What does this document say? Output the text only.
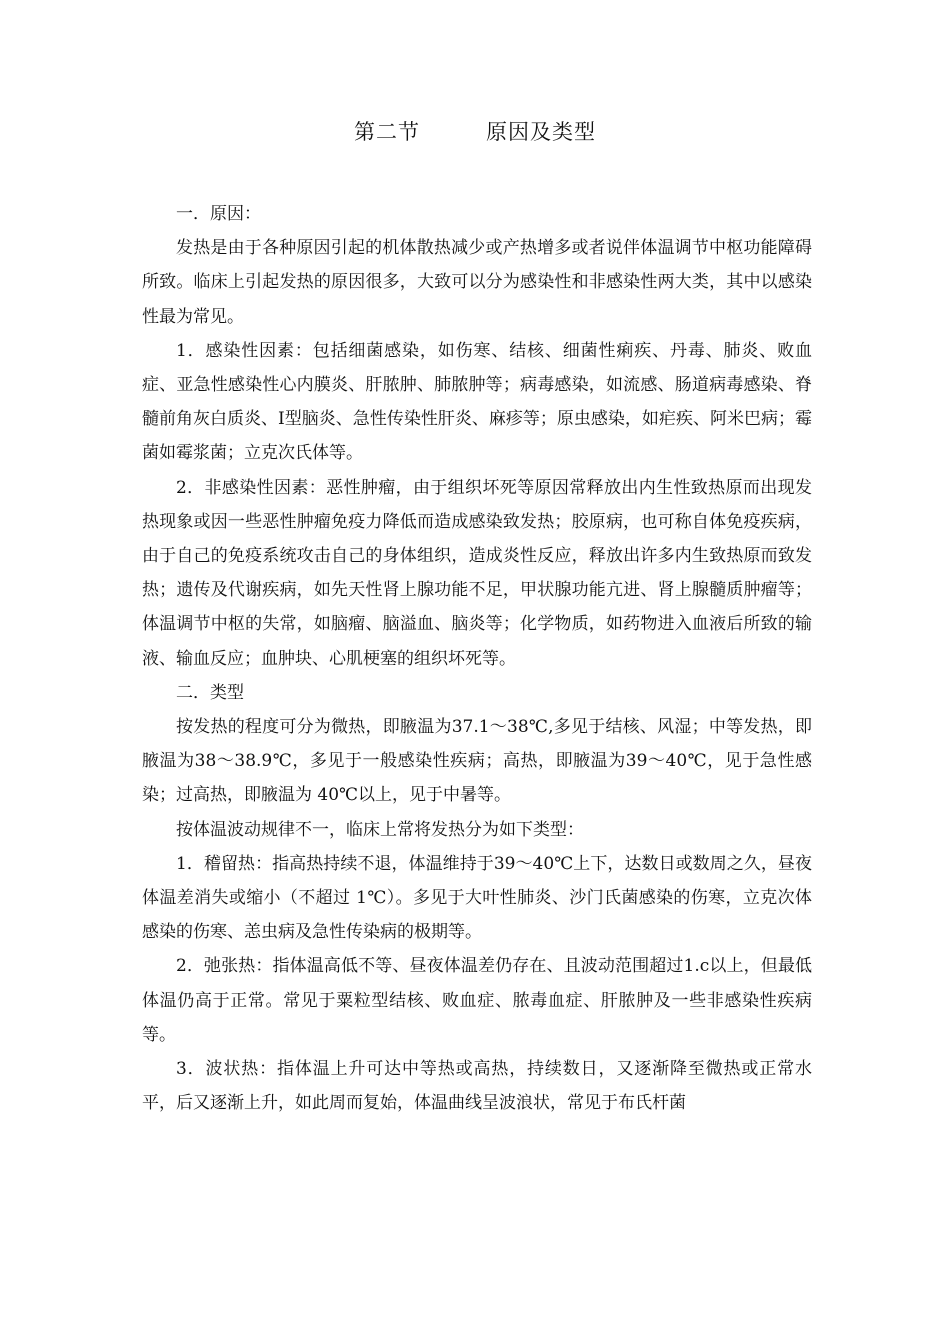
第二节	原因及类型

一．原因：

发热是由于各种原因引起的机体散热减少或产热增多或者说伴体温调节中枢功能障碍所致。临床上引起发热的原因很多，大致可以分为感染性和非感染性两大类，其中以感染性最为常见。

1．感染性因素：包括细菌感染，如伤寒、结核、细菌性痢疾、丹毒、肺炎、败血症、亚急性感染性心内膜炎、肝脓肿、肺脓肿等；病毒感染，如流感、肠道病毒感染、脊髓前角灰白质炎、Ⅰ型脑炎、急性传染性肝炎、麻疹等；原虫感染，如疟疾、阿米巴病；霉菌如霉浆菌；立克次氏体等。

2．非感染性因素：恶性肿瘤，由于组织坏死等原因常释放出内生性致热原而出现发热现象或因一些恶性肿瘤免疫力降低而造成感染致发热；胶原病，也可称自体免疫疾病，由于自己的免疫系统攻击自己的身体组织，造成炎性反应，释放出许多内生致热原而致发热；遗传及代谢疾病，如先天性肾上腺功能不足，甲状腺功能亢进、肾上腺髓质肿瘤等；体温调节中枢的失常，如脑瘤、脑溢血、脑炎等；化学物质，如药物进入血液后所致的输液、输血反应；血肿块、心肌梗塞的组织坏死等。

二．类型

按发热的程度可分为微热，即腋温为37.1～38℃,多见于结核、风湿；中等发热，即腋温为38～38.9℃，多见于一般感染性疾病；高热，即腋温为39～40℃，见于急性感染；过高热，即腋温为 40℃以上，见于中暑等。

按体温波动规律不一，临床上常将发热分为如下类型：

1．稽留热：指高热持续不退，体温维持于39～40℃上下，达数日或数周之久，昼夜体温差消失或缩小（不超过 1℃）。多见于大叶性肺炎、沙门氏菌感染的伤寒，立克次体感染的伤寒、恙虫病及急性传染病的极期等。

2．弛张热：指体温高低不等、昼夜体温差仍存在、且波动范围超过1.c以上，但最低体温仍高于正常。常见于粟粒型结核、败血症、脓毒血症、肝脓肿及一些非感染性疾病等。

3．波状热：指体温上升可达中等热或高热，持续数日，又逐渐降至微热或正常水平，后又逐渐上升，如此周而复始，体温曲线呈波浪状，常见于布氏杆菌
